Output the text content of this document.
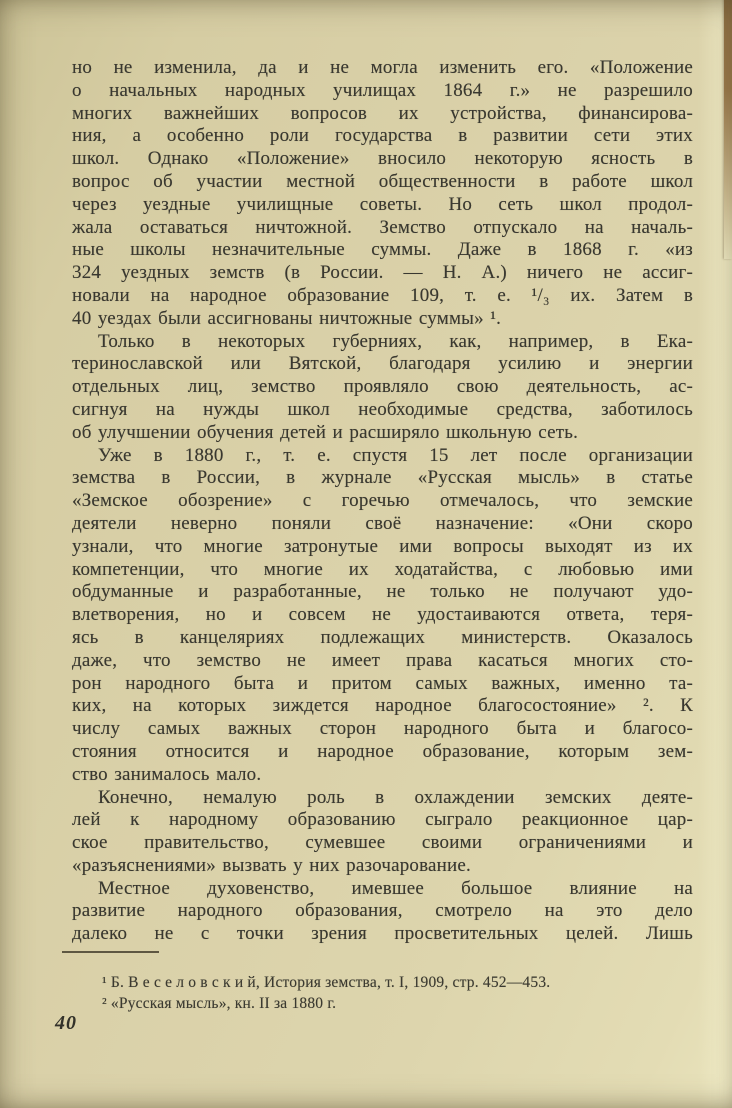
но не изменила, да и не могла изменить его. «Положение
о начальных народных училищах 1864 г.» не разрешило
многих важнейших вопросов их устройства, финансирова-
ния, а особенно роли государства в развитии сети этих
школ. Однако «Положение» вносило некоторую ясность в
вопрос об участии местной общественности в работе школ
через уездные училищные советы. Но сеть школ продол-
жала оставаться ничтожной. Земство отпускало на началь-
ные школы незначительные суммы. Даже в 1868 г. «из
324 уездных земств (в России. — Н. А.) ничего не ассиг-
новали на народное образование 109, т. е. ¹/₃ их. Затем в
40 уездах были ассигнованы ничтожные суммы» ¹.
Только в некоторых губерниях, как, например, в Ека-
теринославской или Вятской, благодаря усилию и энергии
отдельных лиц, земство проявляло свою деятельность, ас-
сигнуя на нужды школ необходимые средства, заботилось
об улучшении обучения детей и расширяло школьную сеть.
Уже в 1880 г., т. е. спустя 15 лет после организации
земства в России, в журнале «Русская мысль» в статье
«Земское обозрение» с горечью отмечалось, что земские
деятели неверно поняли своё назначение: «Они скоро
узнали, что многие затронутые ими вопросы выходят из их
компетенции, что многие их ходатайства, с любовью ими
обдуманные и разработанные, не только не получают удо-
влетворения, но и совсем не удостаиваются ответа, теря-
ясь в канцеляриях подлежащих министерств. Оказалось
даже, что земство не имеет права касаться многих сто-
рон народного быта и притом самых важных, именно та-
ких, на которых зиждется народное благосостояние» ². К
числу самых важных сторон народного быта и благосо-
стояния относится и народное образование, которым зем-
ство занималось мало.
Конечно, немалую роль в охлаждении земских деяте-
лей к народному образованию сыграло реакционное цар-
ское правительство, сумевшее своими ограничениями и
«разъяснениями» вызвать у них разочарование.
Местное духовенство, имевшее большое влияние на
развитие народного образования, смотрело на это дело
далеко не с точки зрения просветительных целей. Лишь
¹ Б. В е с е л о в с к и й, История земства, т. I, 1909, стр. 452—453.
² «Русская мысль», кн. II за 1880 г.
40
